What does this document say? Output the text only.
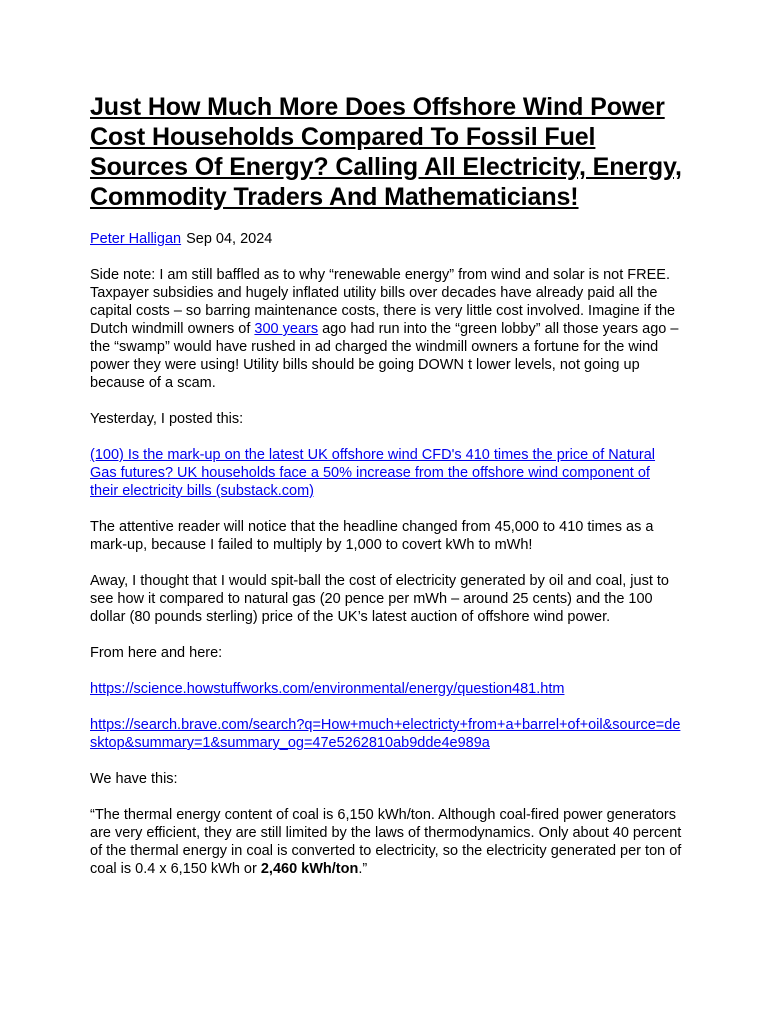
Just How Much More Does Offshore Wind Power Cost Households Compared To Fossil Fuel Sources Of Energy? Calling All Electricity, Energy, Commodity Traders And Mathematicians!
Peter Halligan Sep 04, 2024

Side note: I am still baffled as to why “renewable energy” from wind and solar is not FREE. Taxpayer subsidies and hugely inflated utility bills over decades have already paid all the capital costs – so barring maintenance costs, there is very little cost involved. Imagine if the Dutch windmill owners of 300 years ago had run into the “green lobby” all those years ago – the “swamp” would have rushed in ad charged the windmill owners a fortune for the wind power they were using! Utility bills should be going DOWN t lower levels, not going up because of a scam.

Yesterday, I posted this:

(100) Is the mark-up on the latest UK offshore wind CFD's 410 times the price of Natural Gas futures? UK households face a 50% increase from the offshore wind component of their electricity bills (substack.com)

The attentive reader will notice that the headline changed from 45,000 to 410 times as a mark-up, because I failed to multiply by 1,000 to covert kWh to mWh!

Away, I thought that I would spit-ball the cost of electricity generated by oil and coal, just to see how it compared to natural gas (20 pence per mWh – around 25 cents) and the 100 dollar (80 pounds sterling) price of the UK’s latest auction of offshore wind power.

From here and here:

https://science.howstuffworks.com/environmental/energy/question481.htm

https://search.brave.com/search?q=How+much+electricty+from+a+barrel+of+oil&source=desktop&summary=1&summary_og=47e5262810ab9dde4e989a

We have this:

“The thermal energy content of coal is 6,150 kWh/ton. Although coal-fired power generators are very efficient, they are still limited by the laws of thermodynamics. Only about 40 percent of the thermal energy in coal is converted to electricity, so the electricity generated per ton of coal is 0.4 x 6,150 kWh or 2,460 kWh/ton.”
